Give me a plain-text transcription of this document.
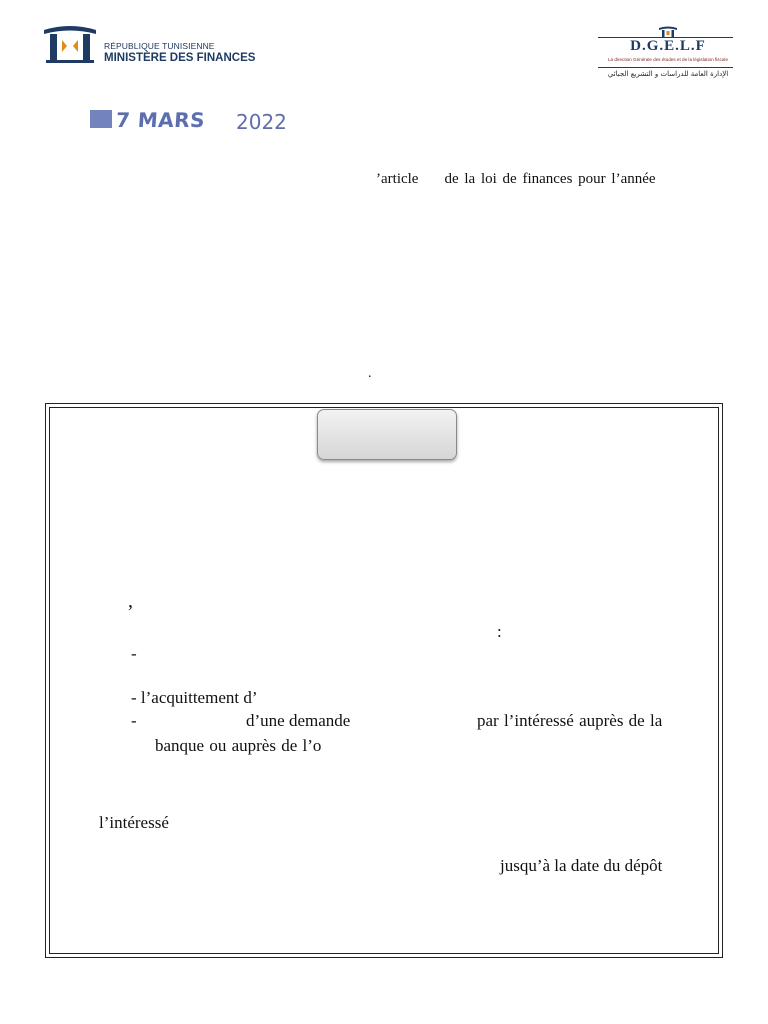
RÉPUBLIQUE TUNISIENNE
MINISTÈRE DES FINANCES
D.G.E.L.F
La direction Générale des études et de la législation fiscale
الإدارة العامة للدراسات و التشريع الجبائي
7 MARS 2022
’article de la loi de finances pour l’année
.
,
:
-
- l’acquittement d’
-	d’une demande	par l’intéressé auprès de la
banque ou auprès de l’o
l’intéressé
jusqu’à la date du dépôt
